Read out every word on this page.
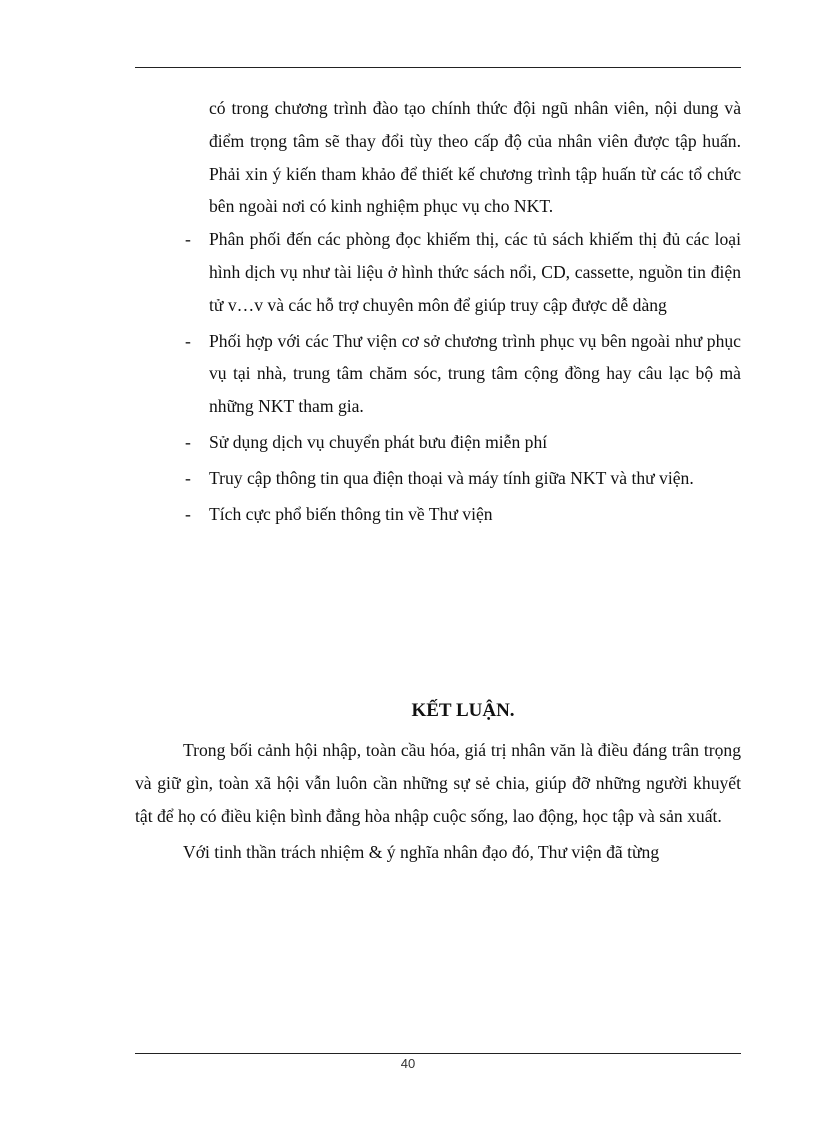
có trong chương trình đào tạo chính thức đội ngũ nhân viên, nội dung và điểm trọng tâm sẽ thay đổi tùy theo cấp độ của nhân viên được tập huấn. Phải xin ý kiến tham khảo để thiết kế chương trình tập huấn từ các tổ chức bên ngoài nơi có kinh nghiệm phục vụ cho NKT.

- Phân phối đến các phòng đọc khiếm thị, các tủ sách khiếm thị đủ các loại hình dịch vụ như tài liệu ở hình thức sách nổi, CD, cassette, nguồn tin điện tử v…v và các hỗ trợ chuyên môn để giúp truy cập được dễ dàng
- Phối hợp với các Thư viện cơ sở chương trình phục vụ bên ngoài như phục vụ tại nhà, trung tâm chăm sóc, trung tâm cộng đồng hay câu lạc bộ mà những NKT tham gia.
- Sử dụng dịch vụ chuyển phát bưu điện miễn phí
- Truy cập thông tin qua điện thoại và máy tính giữa NKT và thư viện.
- Tích cực phổ biến thông tin về Thư viện
KẾT LUẬN.

Trong bối cảnh hội nhập, toàn cầu hóa, giá trị nhân văn là điều đáng trân trọng và giữ gìn, toàn xã hội vẫn luôn cần những sự sẻ chia, giúp đỡ những người khuyết tật để họ có điều kiện bình đẳng hòa nhập cuộc sống, lao động, học tập và sản xuất.

Với tinh thần trách nhiệm & ý nghĩa nhân đạo đó, Thư viện đã từng

40
